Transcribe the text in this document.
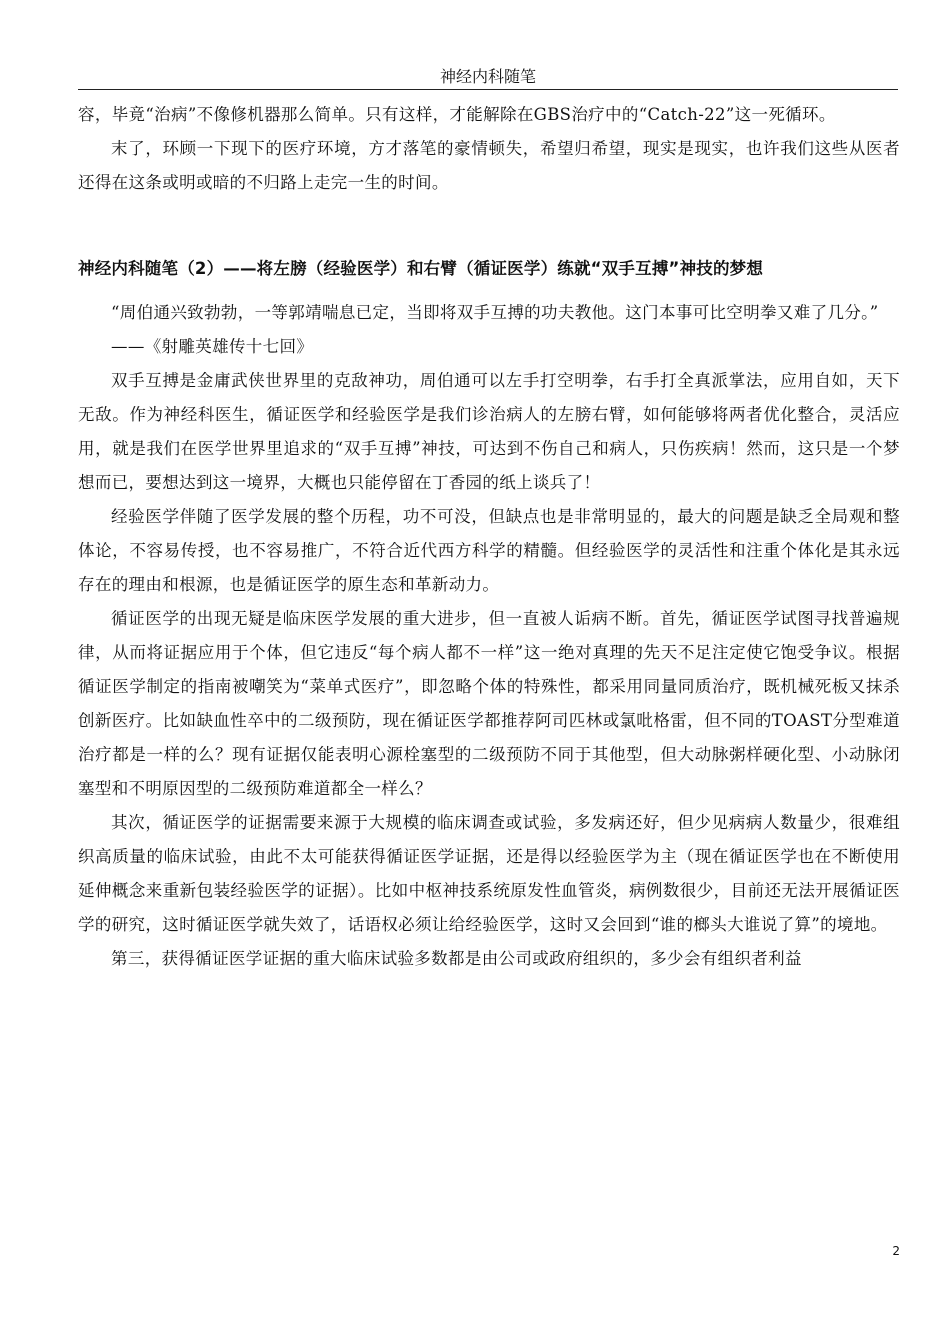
神经内科随笔

容，毕竟“治病”不像修机器那么简单。只有这样，才能解除在GBS治疗中的“Catch-22”这一死循环。

末了，环顾一下现下的医疗环境，方才落笔的豪情顿失，希望归希望，现实是现实，也许我们这些从医者还得在这条或明或暗的不归路上走完一生的时间。

神经内科随笔（2）——将左膀（经验医学）和右臂（循证医学）练就“双手互搏”神技的梦想

“周伯通兴致勃勃，一等郭靖喘息已定，当即将双手互搏的功夫教他。这门本事可比空明拳又难了几分。”

——《射雕英雄传十七回》

双手互搏是金庸武侠世界里的克敌神功，周伯通可以左手打空明拳，右手打全真派掌法，应用自如，天下无敌。作为神经科医生，循证医学和经验医学是我们诊治病人的左膀右臂，如何能够将两者优化整合，灵活应用，就是我们在医学世界里追求的“双手互搏”神技，可达到不伤自己和病人，只伤疾病！然而，这只是一个梦想而已，要想达到这一境界，大概也只能停留在丁香园的纸上谈兵了！

经验医学伴随了医学发展的整个历程，功不可没，但缺点也是非常明显的，最大的问题是缺乏全局观和整体论，不容易传授，也不容易推广，不符合近代西方科学的精髓。但经验医学的灵活性和注重个体化是其永远存在的理由和根源，也是循证医学的原生态和革新动力。

循证医学的出现无疑是临床医学发展的重大进步，但一直被人诟病不断。首先，循证医学试图寻找普遍规律，从而将证据应用于个体，但它违反“每个病人都不一样”这一绝对真理的先天不足注定使它饱受争议。根据循证医学制定的指南被嘲笑为“菜单式医疗”，即忽略个体的特殊性，都采用同量同质治疗，既机械死板又抹杀创新医疗。比如缺血性卒中的二级预防，现在循证医学都推荐阿司匹林或氯吡格雷，但不同的TOAST分型难道治疗都是一样的么？现有证据仅能表明心源栓塞型的二级预防不同于其他型，但大动脉粥样硬化型、小动脉闭塞型和不明原因型的二级预防难道都全一样么？

其次，循证医学的证据需要来源于大规模的临床调查或试验，多发病还好，但少见病病人数量少，很难组织高质量的临床试验，由此不太可能获得循证医学证据，还是得以经验医学为主（现在循证医学也在不断使用延伸概念来重新包装经验医学的证据）。比如中枢神技系统原发性血管炎，病例数很少，目前还无法开展循证医学的研究，这时循证医学就失效了，话语权必须让给经验医学，这时又会回到“谁的榔头大谁说了算”的境地。

第三，获得循证医学证据的重大临床试验多数都是由公司或政府组织的，多少会有组织者利益

2
